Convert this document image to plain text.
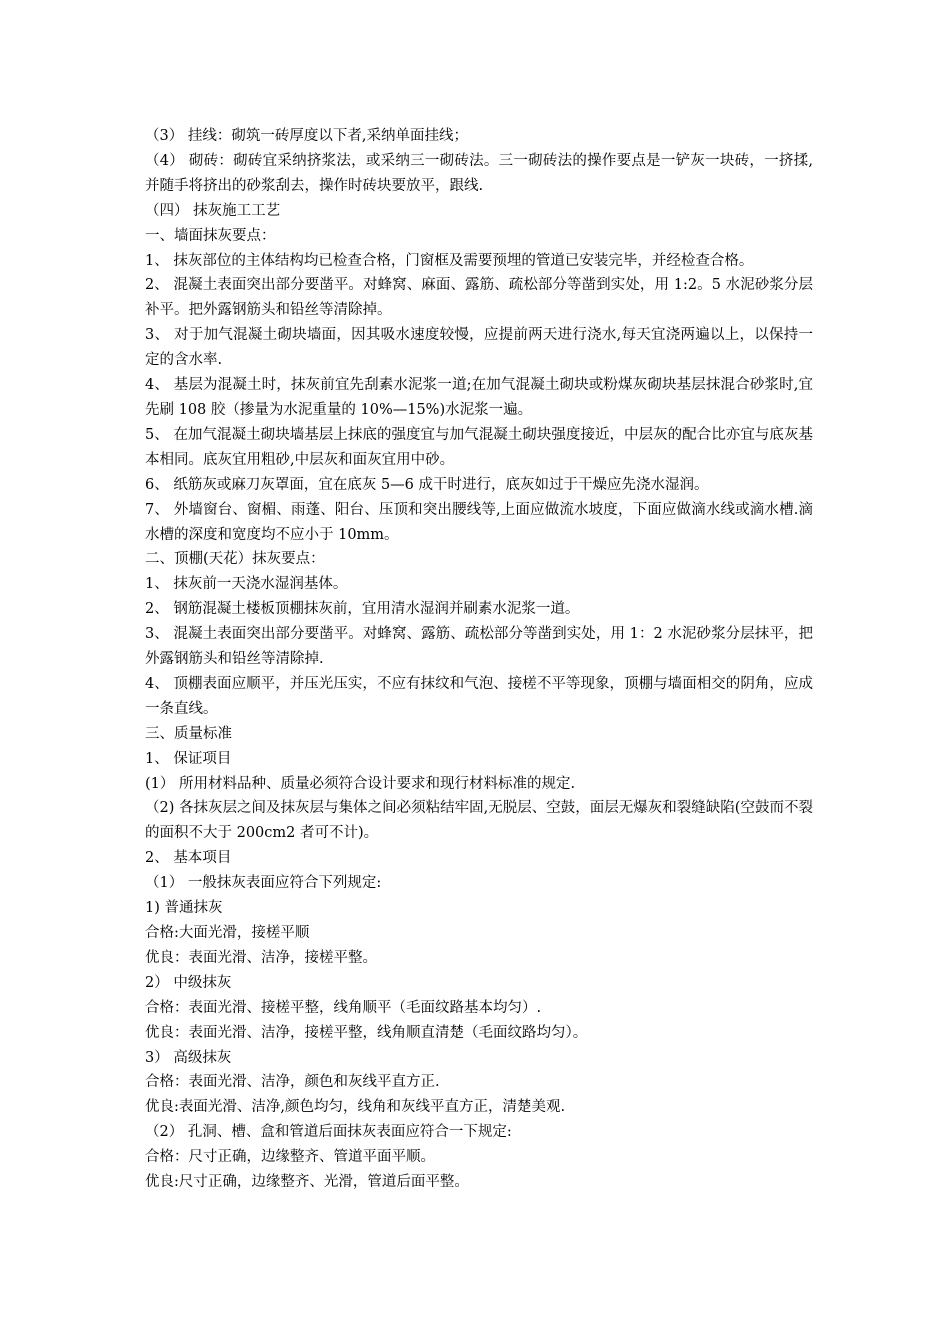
（3） 挂线：砌筑一砖厚度以下者,采纳单面挂线；

（4） 砌砖：砌砖宜采纳挤浆法，或采纳三一砌砖法。三一砌砖法的操作要点是一铲灰一块砖，一挤揉,并随手将挤出的砂浆刮去，操作时砖块要放平，跟线.

（四） 抹灰施工工艺

一、墙面抹灰要点：

1、 抹灰部位的主体结构均已检查合格，门窗框及需要预埋的管道已安装完毕，并经检查合格。

2、 混凝土表面突出部分要凿平。对蜂窝、麻面、露筋、疏松部分等凿到实处，用 1:2。5 水泥砂浆分层补平。把外露钢筋头和铅丝等清除掉。

3、 对于加气混凝土砌块墙面，因其吸水速度较慢，应提前两天进行浇水,每天宜浇两遍以上，以保持一定的含水率.

4、 基层为混凝土时，抹灰前宜先刮素水泥浆一道;在加气混凝土砌块或粉煤灰砌块基层抹混合砂浆时,宜先刷 108 胶（掺量为水泥重量的 10%—15%)水泥浆一遍。

5、 在加气混凝土砌块墙基层上抹底的强度宜与加气混凝土砌块强度接近，中层灰的配合比亦宜与底灰基本相同。底灰宜用粗砂,中层灰和面灰宜用中砂。

6、 纸筋灰或麻刀灰罩面，宜在底灰 5—6 成干时进行，底灰如过于干燥应先浇水湿润。

7、 外墙窗台、窗楣、雨蓬、阳台、压顶和突出腰线等,上面应做流水坡度，下面应做滴水线或滴水槽.滴水槽的深度和宽度均不应小于 10mm。

二、顶棚(天花）抹灰要点：

1、 抹灰前一天浇水湿润基体。

2、 钢筋混凝土楼板顶棚抹灰前，宜用清水湿润并刷素水泥浆一道。

3、 混凝土表面突出部分要凿平。对蜂窝、露筋、疏松部分等凿到实处，用 1：2 水泥砂浆分层抹平，把外露钢筋头和铅丝等清除掉.

4、 顶棚表面应顺平，并压光压实，不应有抹纹和气泡、接槎不平等现象，顶棚与墙面相交的阴角，应成一条直线。

三、质量标准

1、 保证项目

(1） 所用材料品种、质量必须符合设计要求和现行材料标准的规定.

（2) 各抹灰层之间及抹灰层与集体之间必须粘结牢固,无脱层、空鼓，面层无爆灰和裂缝缺陷(空鼓而不裂的面积不大于 200cm2 者可不计)。

2、 基本项目

（1） 一般抹灰表面应符合下列规定:

1) 普通抹灰

合格:大面光滑，接槎平顺

优良：表面光滑、洁净，接槎平整。

2） 中级抹灰

合格：表面光滑、接槎平整，线角顺平（毛面纹路基本均匀）.

优良：表面光滑、洁净，接槎平整，线角顺直清楚（毛面纹路均匀）。

3） 高级抹灰

合格：表面光滑、洁净，颜色和灰线平直方正.

优良:表面光滑、洁净,颜色均匀，线角和灰线平直方正，清楚美观.

（2） 孔洞、槽、盒和管道后面抹灰表面应符合一下规定:

合格：尺寸正确，边缘整齐、管道平面平顺。

优良:尺寸正确，边缘整齐、光滑，管道后面平整。
